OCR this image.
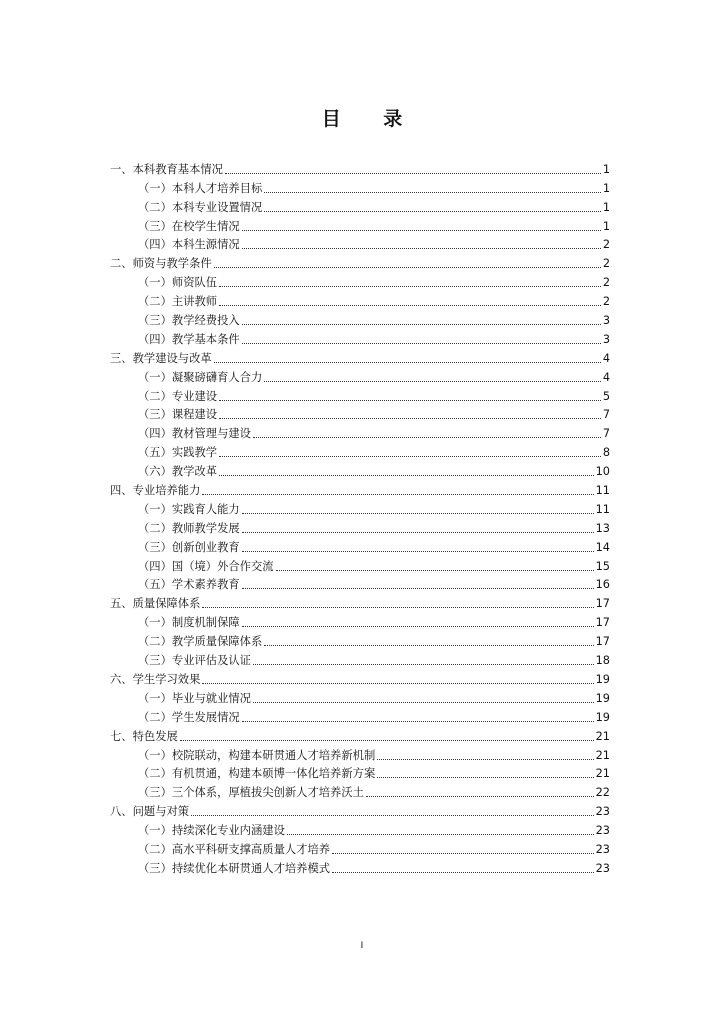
目 录
一、本科教育基本情况	1
（一）本科人才培养目标	1
（二）本科专业设置情况	1
（三）在校学生情况	1
（四）本科生源情况	2
二、师资与教学条件	2
（一）师资队伍	2
（二）主讲教师	2
（三）教学经费投入	3
（四）教学基本条件	3
三、教学建设与改革	4
（一）凝聚磅礴育人合力	4
（二）专业建设	5
（三）课程建设	7
（四）教材管理与建设	7
（五）实践教学	8
（六）教学改革	10
四、专业培养能力	11
（一）实践育人能力	11
（二）教师教学发展	13
（三）创新创业教育	14
（四）国（境）外合作交流	15
（五）学术素养教育	16
五、质量保障体系	17
（一）制度机制保障	17
（二）教学质量保障体系	17
（三）专业评估及认证	18
六、学生学习效果	19
（一）毕业与就业情况	19
（二）学生发展情况	19
七、特色发展	21
（一）校院联动，构建本研贯通人才培养新机制	21
（二）有机贯通，构建本硕博一体化培养新方案	21
（三）三个体系，厚植拔尖创新人才培养沃土	22
八、问题与对策	23
（一）持续深化专业内涵建设	23
（二）高水平科研支撑高质量人才培养	23
（三）持续优化本研贯通人才培养模式	23
I
